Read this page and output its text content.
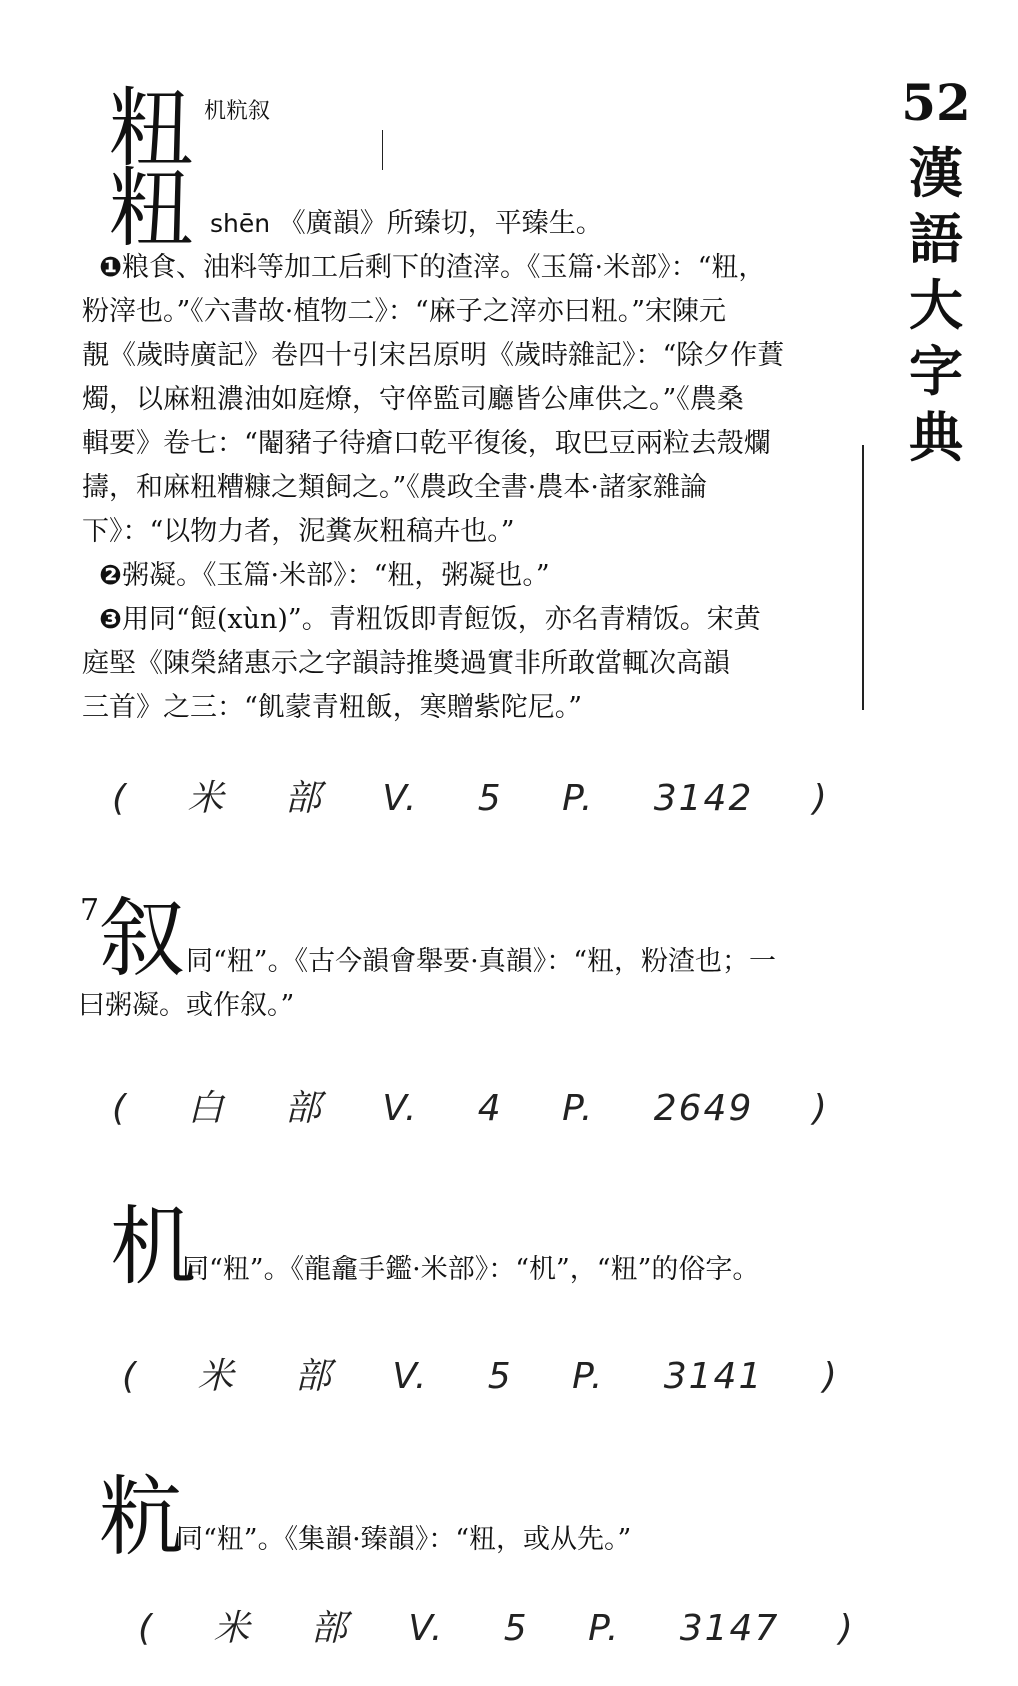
52
漢
語
大
字
典
粈 机粇叙
粈 shēn 《廣韻》所臻切，平臻生。
❶粮食、油料等加工后剩下的渣滓。《玉篇·米部》：“粈，
粉滓也。”《六書故·植物二》：“麻子之滓亦曰粈。”宋陳元
靚《歲時廣記》卷四十引宋呂原明《歲時雜記》：“除夕作蕡
燭，以麻粈濃油如庭燎，守倅監司廳皆公庫供之。”《農桑
輯要》卷七：“閹豬子待瘡口乾平復後，取巴豆兩粒去殼爛
擣，和麻粈糟糠之類飼之。”《農政全書·農本·諸家雜論
下》：“以物力者，泥糞灰粈稿卉也。”
❷粥凝。《玉篇·米部》：“粈，粥凝也。”
❸用同“餖(xùn)”。青粈饭即青餖饭，亦名青精饭。宋黄
庭堅《陳榮緒惠示之字韻詩推奬過實非所敢當輒次高韻
三首》之三：“飢蒙青粈飯，寒贈紫陀尼。”
( 米 部 V. 5 P. 3142 )
$^7$叙 同“粈”。《古今韻會舉要·真韻》：“粈，粉渣也；一
曰粥凝。或作叙。”
( 白 部 V. 4 P. 2649 )
机
同“粈”。《龍龕手鑑·米部》：“机”，“粈”的俗字。
( 米 部 V. 5 P. 3141 )
粇
同“粈”。《集韻·臻韻》：“粈，或从先。”
( 米 部 V. 5 P. 3147 )
